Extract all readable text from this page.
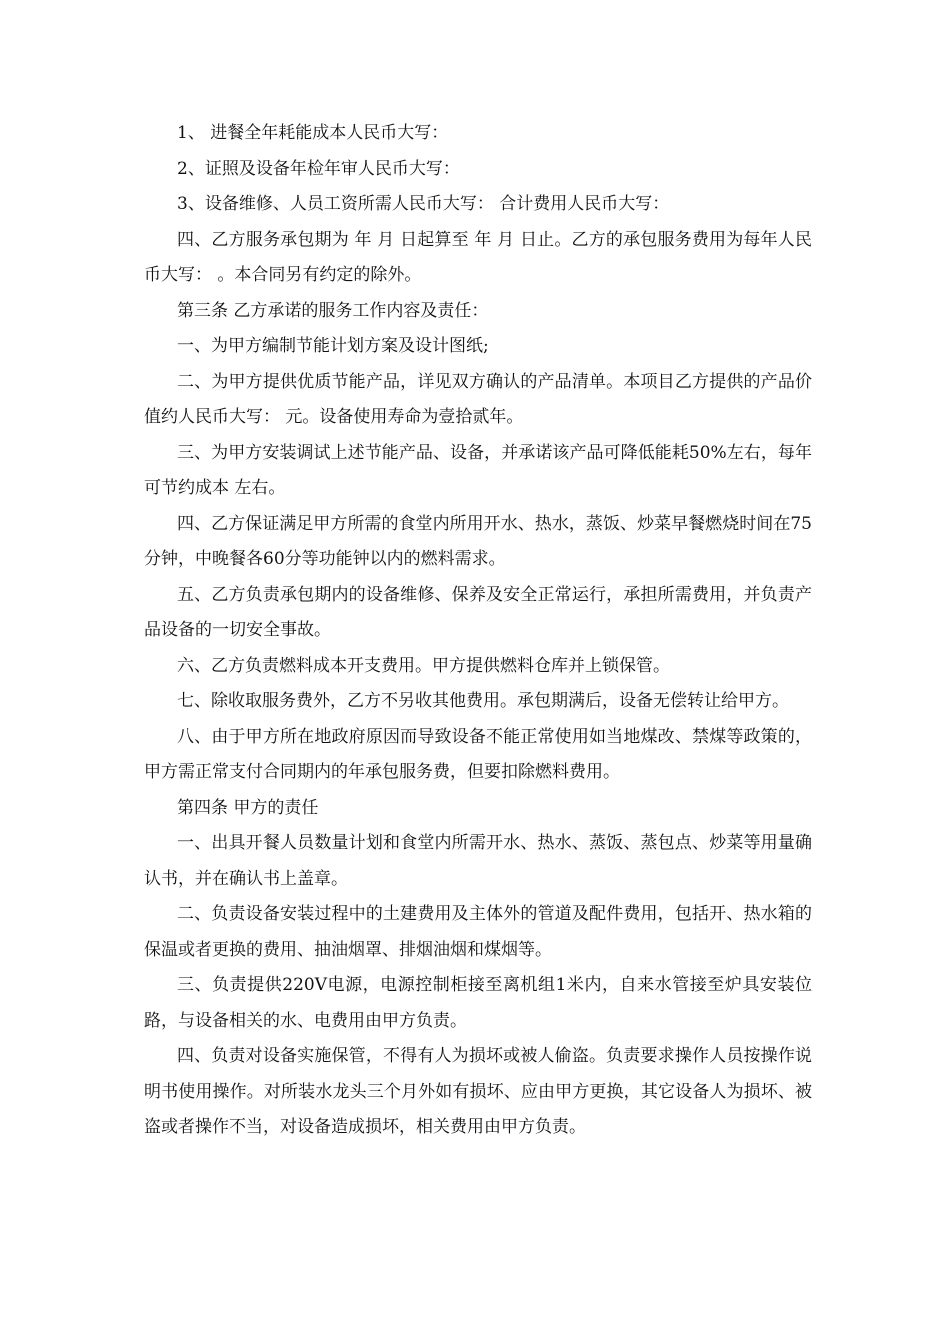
1、 进餐全年耗能成本人民币大写：

2、证照及设备年检年审人民币大写：

3、设备维修、人员工资所需人民币大写： 合计费用人民币大写：

四、乙方服务承包期为 年 月 日起算至 年 月 日止。乙方的承包服务费用为每年人民币大写： 。本合同另有约定的除外。

第三条 乙方承诺的服务工作内容及责任：

一、为甲方编制节能计划方案及设计图纸;

二、为甲方提供优质节能产品，详见双方确认的产品清单。本项目乙方提供的产品价值约人民币大写： 元。设备使用寿命为壹拾贰年。

三、为甲方安装调试上述节能产品、设备，并承诺该产品可降低能耗50%左右，每年可节约成本 左右。

四、乙方保证满足甲方所需的食堂内所用开水、热水，蒸饭、炒菜早餐燃烧时间在75分钟，中晚餐各60分等功能钟以内的燃料需求。

五、乙方负责承包期内的设备维修、保养及安全正常运行，承担所需费用，并负责产品设备的一切安全事故。

六、乙方负责燃料成本开支费用。甲方提供燃料仓库并上锁保管。

七、除收取服务费外，乙方不另收其他费用。承包期满后，设备无偿转让给甲方。

八、由于甲方所在地政府原因而导致设备不能正常使用如当地煤改、禁煤等政策的，甲方需正常支付合同期内的年承包服务费，但要扣除燃料费用。

第四条 甲方的责任

一、出具开餐人员数量计划和食堂内所需开水、热水、蒸饭、蒸包点、炒菜等用量确认书，并在确认书上盖章。

二、负责设备安装过程中的土建费用及主体外的管道及配件费用，包括开、热水箱的保温或者更换的费用、抽油烟罩、排烟油烟和煤烟等。

三、负责提供220V电源，电源控制柜接至离机组1米内，自来水管接至炉具安装位路，与设备相关的水、电费用由甲方负责。

四、负责对设备实施保管，不得有人为损坏或被人偷盗。负责要求操作人员按操作说明书使用操作。对所装水龙头三个月外如有损坏、应由甲方更换，其它设备人为损坏、被盗或者操作不当，对设备造成损坏，相关费用由甲方负责。
